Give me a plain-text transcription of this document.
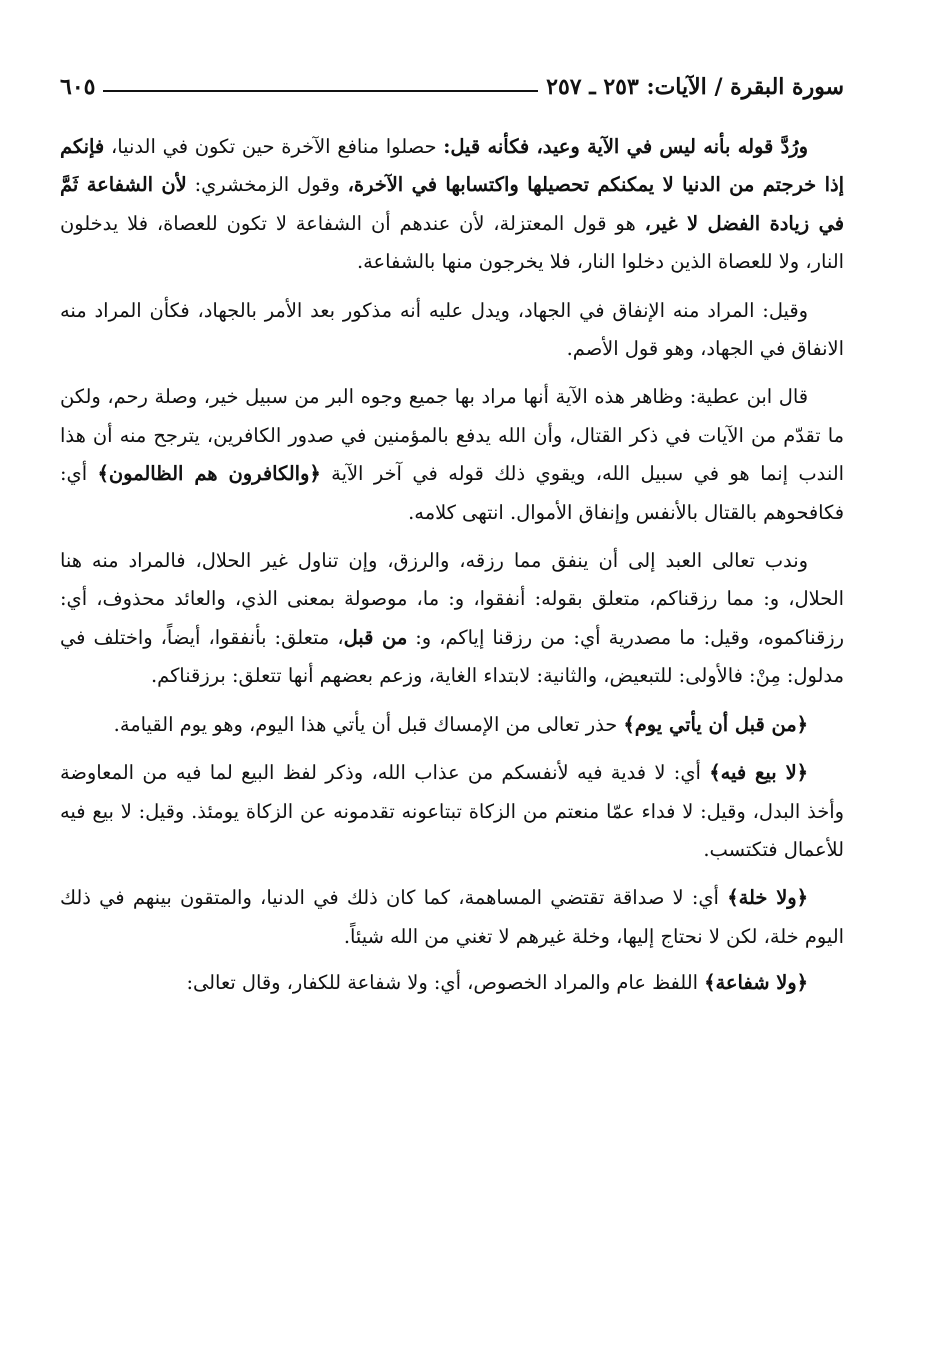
سورة البقرة / الآيات: ٢٥٣ ـ ٢٥٧
٦٠٥

ورُدَّ قوله بأنه ليس في الآية وعيد، فكأنه قيل: حصلوا منافع الآخرة حين تكون في الدنيا، فإنكم إذا خرجتم من الدنيا لا يمكنكم تحصيلها واكتسابها في الآخرة، وقول الزمخشري: لأن الشفاعة ثَمَّ في زيادة الفضل لا غير، هو قول المعتزلة، لأن عندهم أن الشفاعة لا تكون للعصاة، فلا يدخلون النار، ولا للعصاة الذين دخلوا النار، فلا يخرجون منها بالشفاعة.

وقيل: المراد منه الإنفاق في الجهاد، ويدل عليه أنه مذكور بعد الأمر بالجهاد، فكأن المراد منه الانفاق في الجهاد، وهو قول الأصم.

قال ابن عطية: وظاهر هذه الآية أنها مراد بها جميع وجوه البر من سبيل خير، وصلة رحم، ولكن ما تقدّم من الآيات في ذكر القتال، وأن الله يدفع بالمؤمنين في صدور الكافرين، يترجح منه أن هذا الندب إنما هو في سبيل الله، ويقوي ذلك قوله في آخر الآية ﴿والكافرون هم الظالمون﴾ أي: فكافحوهم بالقتال بالأنفس وإنفاق الأموال. انتهى كلامه.

وندب تعالى العبد إلى أن ينفق مما رزقه، والرزق، وإن تناول غير الحلال، فالمراد منه هنا الحلال، و: مما رزقناكم، متعلق بقوله: أنفقوا، و: ما، موصولة بمعنى الذي، والعائد محذوف، أي: رزقناكموه، وقيل: ما مصدرية أي: من رزقنا إياكم، و: من قبل، متعلق: بأنفقوا، أيضاً، واختلف في مدلول: مِنْ: فالأولى: للتبعيض، والثانية: لابتداء الغاية، وزعم بعضهم أنها تتعلق: برزقناكم.

﴿من قبل أن يأتي يوم﴾ حذر تعالى من الإمساك قبل أن يأتي هذا اليوم، وهو يوم القيامة.

﴿لا بيع فيه﴾ أي: لا فدية فيه لأنفسكم من عذاب الله، وذكر لفظ البيع لما فيه من المعاوضة وأخذ البدل، وقيل: لا فداء عمّا منعتم من الزكاة تبتاعونه تقدمونه عن الزكاة يومئذ. وقيل: لا بيع فيه للأعمال فتكتسب.

﴿ولا خلة﴾ أي: لا صداقة تقتضي المساهمة، كما كان ذلك في الدنيا، والمتقون بينهم في ذلك اليوم خلة، لكن لا نحتاج إليها، وخلة غيرهم لا تغني من الله شيئاً.

﴿ولا شفاعة﴾ اللفظ عام والمراد الخصوص، أي: ولا شفاعة للكفار، وقال تعالى:
